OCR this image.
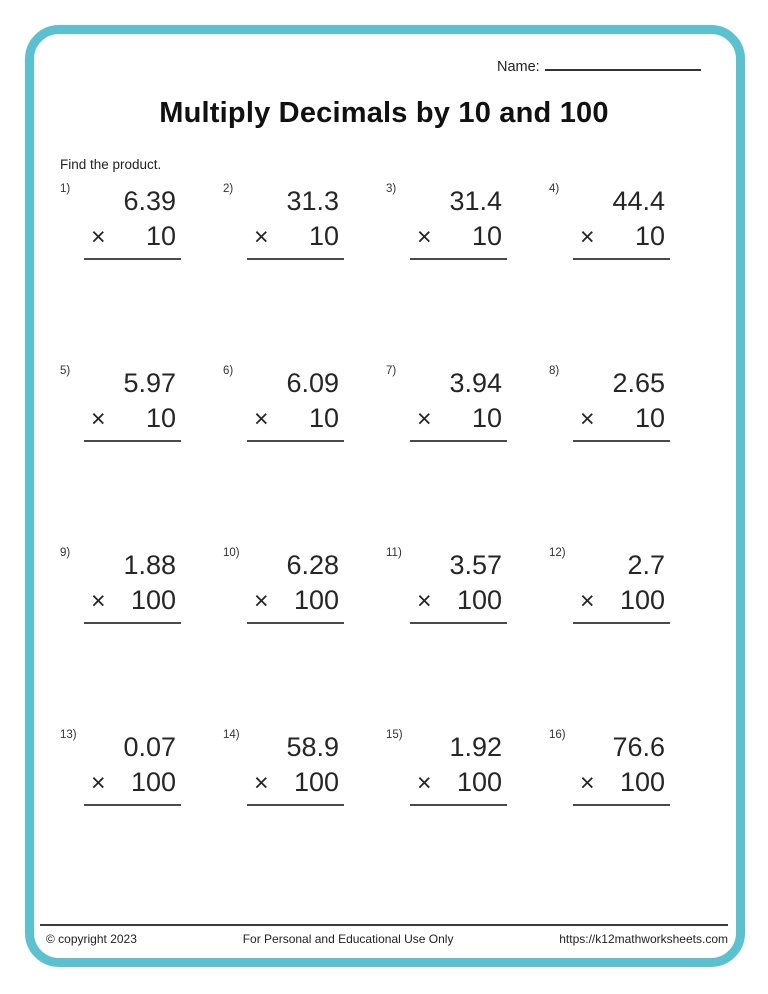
Name:
Multiply Decimals by 10 and 100
Find the product.
1)	6.39
× 10
2)	31.3
× 10
3)	31.4
× 10
4)	44.4
× 10
5)	5.97
× 10
6)	6.09
× 10
7)	3.94
× 10
8)	2.65
× 10
9)	1.88
× 100
10)	6.28
× 100
11)	3.57
× 100
12)	2.7
× 100
13)	0.07
× 100
14)	58.9
× 100
15)	1.92
× 100
16)	76.6
× 100
© copyright 2023	For Personal and Educational Use Only	https://k12mathworksheets.com
